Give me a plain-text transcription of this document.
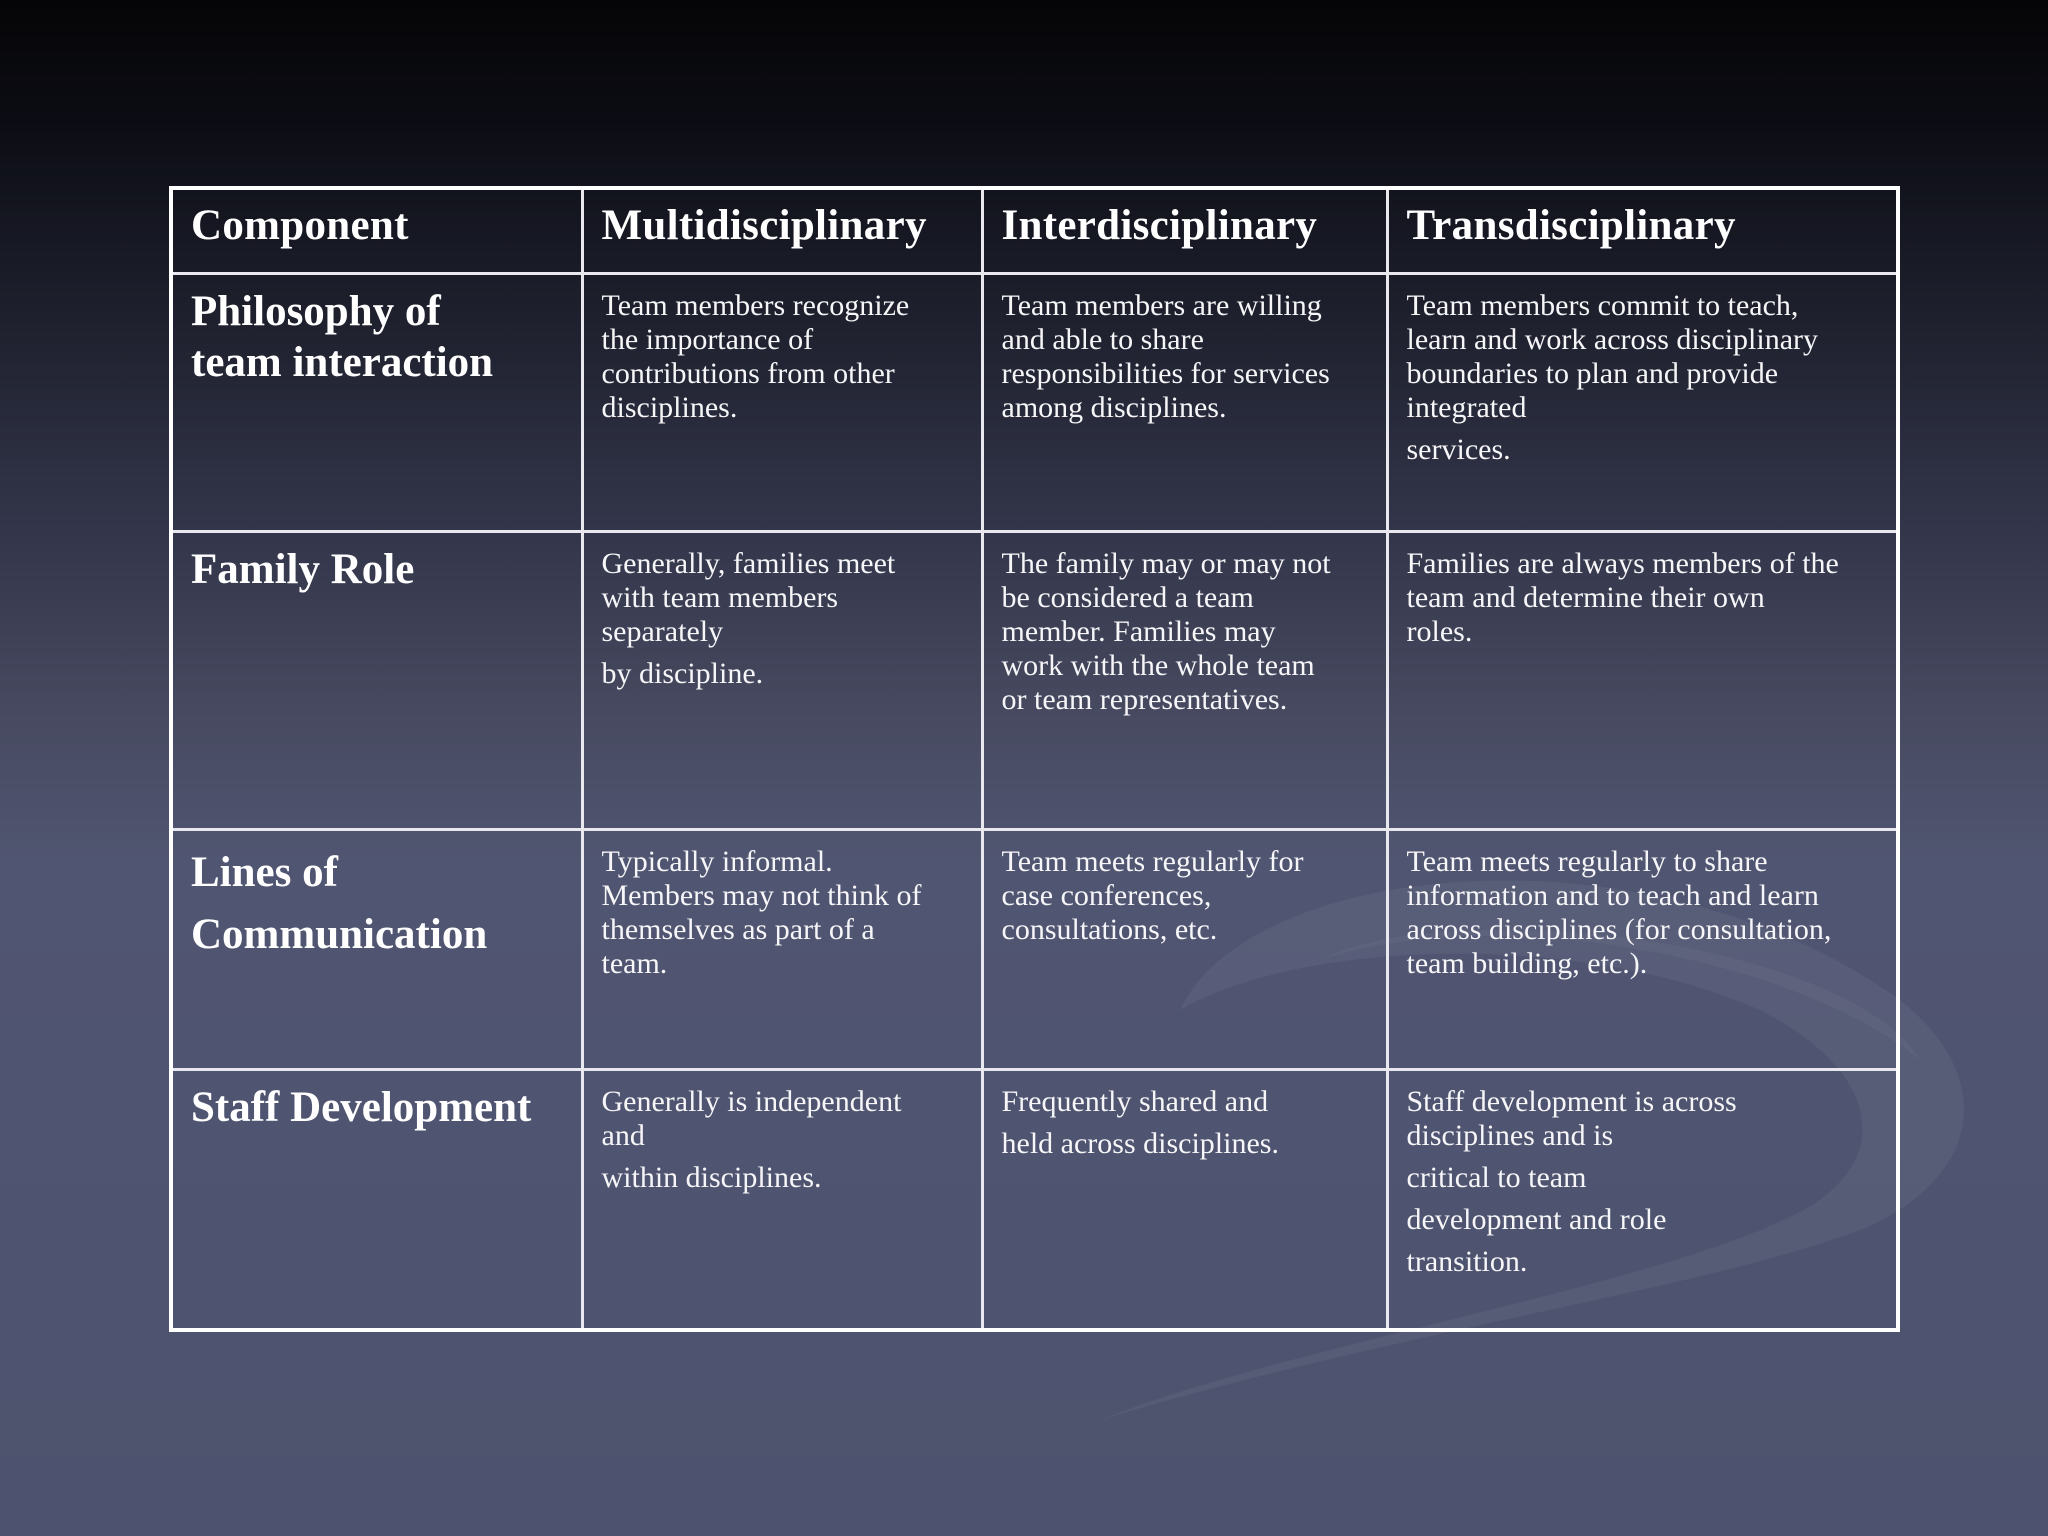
Component	Multidisciplinary	Interdisciplinary	Transdisciplinary

Philosophy of
team interaction	Team members recognize
the importance of
contributions from other
disciplines.	Team members are willing
and able to share
responsibilities for services
among disciplines.	Team members commit to teach,
learn and work across disciplinary
boundaries to plan and provide
integrated
services.

Family Role	Generally, families meet
with team members
separately
by discipline.	The family may or may not
be considered a team
member. Families may
work with the whole team
or team representatives.	Families are always members of the
team and determine their own
roles.

Lines of
Communication	Typically informal.
Members may not think of
themselves as part of a
team.	Team meets regularly for
case conferences,
consultations, etc.	Team meets regularly to share
information and to teach and learn
across disciplines (for consultation,
team building, etc.).

Staff Development	Generally is independent
and
within disciplines.	Frequently shared and
held across disciplines.	Staff development is across
disciplines and is
critical to team
development and role
transition.
